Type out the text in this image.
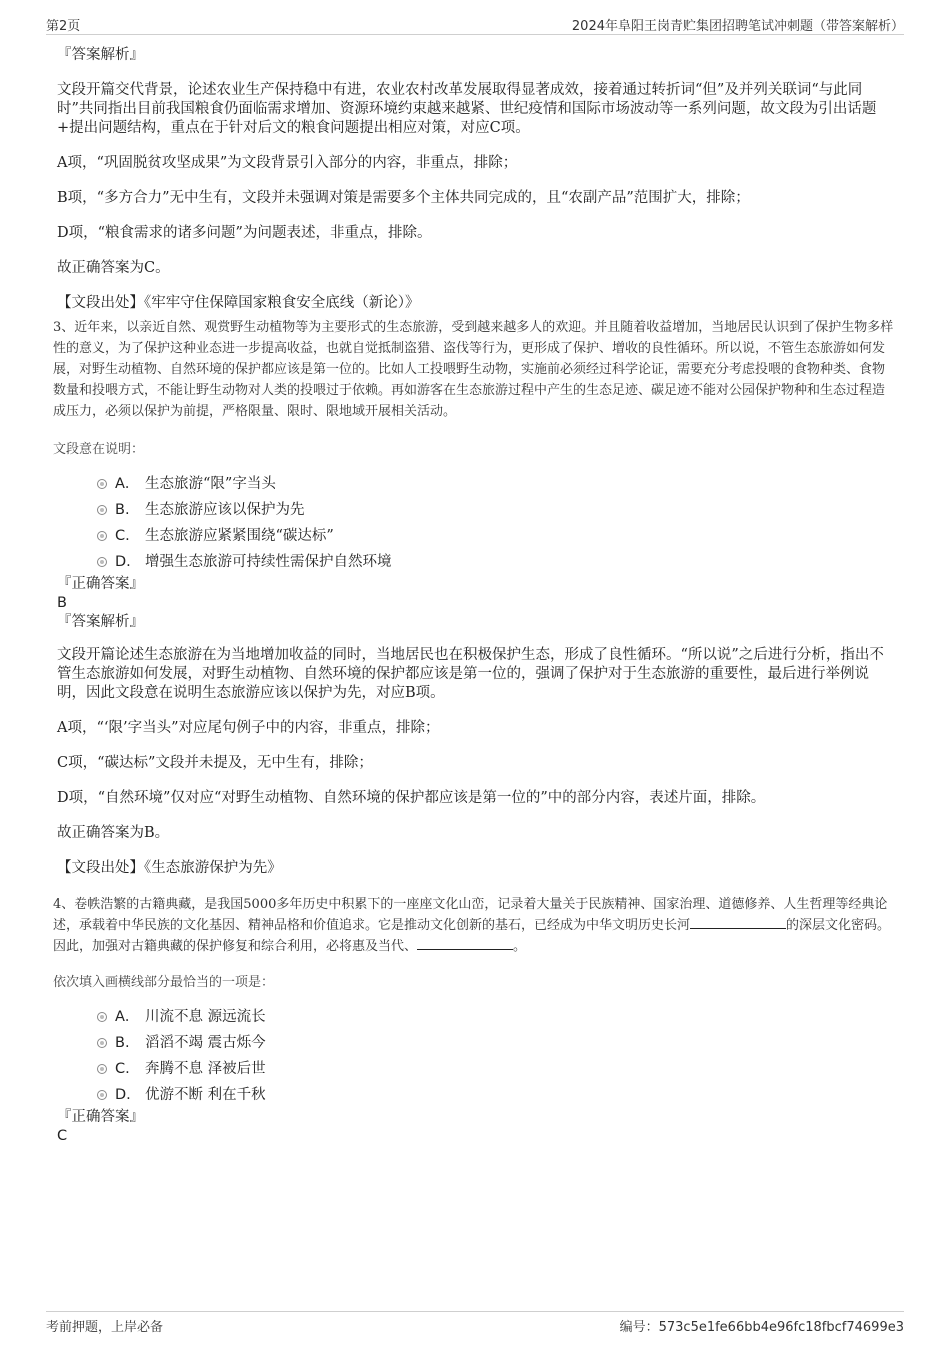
第2页	2024年阜阳王岗青贮集团招聘笔试冲刺题（带答案解析）

『答案解析』

文段开篇交代背景，论述农业生产保持稳中有进，农业农村改革发展取得显著成效，接着通过转折词“但”及并列关联词“与此同时”共同指出目前我国粮食仍面临需求增加、资源环境约束越来越紧、世纪疫情和国际市场波动等一系列问题，故文段为引出话题+提出问题结构，重点在于针对后文的粮食问题提出相应对策，对应C项。

A项，“巩固脱贫攻坚成果”为文段背景引入部分的内容，非重点，排除；

B项，“多方合力”无中生有，文段并未强调对策是需要多个主体共同完成的，且“农副产品”范围扩大，排除；

D项，“粮食需求的诸多问题”为问题表述，非重点，排除。

故正确答案为C。

【文段出处】《牢牢守住保障国家粮食安全底线（新论）》

3、近年来，以亲近自然、观赏野生动植物等为主要形式的生态旅游，受到越来越多人的欢迎。并且随着收益增加，当地居民认识到了保护生物多样性的意义，为了保护这种业态进一步提高收益，也就自觉抵制盗猎、盗伐等行为，更形成了保护、增收的良性循环。所以说，不管生态旅游如何发展，对野生动植物、自然环境的保护都应该是第一位的。比如人工投喂野生动物，实施前必须经过科学论证，需要充分考虑投喂的食物种类、食物数量和投喂方式，不能让野生动物对人类的投喂过于依赖。再如游客在生态旅游过程中产生的生态足迹、碳足迹不能对公园保护物种和生态过程造成压力，必须以保护为前提，严格限量、限时、限地域开展相关活动。

文段意在说明：

A． 生态旅游“限”字当头
B. 生态旅游应该以保护为先
C. 生态旅游应紧紧围绕“碳达标”
D. 增强生态旅游可持续性需保护自然环境

『正确答案』

B

『答案解析』

文段开篇论述生态旅游在为当地增加收益的同时，当地居民也在积极保护生态，形成了良性循环。“所以说”之后进行分析，指出不管生态旅游如何发展，对野生动植物、自然环境的保护都应该是第一位的，强调了保护对于生态旅游的重要性，最后进行举例说明，因此文段意在说明生态旅游应该以保护为先，对应B项。

A项，“‘限’字当头”对应尾句例子中的内容，非重点，排除；

C项，“碳达标”文段并未提及，无中生有，排除；

D项，“自然环境”仅对应“对野生动植物、自然环境的保护都应该是第一位的”中的部分内容，表述片面，排除。

故正确答案为B。

【文段出处】《生态旅游保护为先》

4、卷帙浩繁的古籍典藏，是我国5000多年历史中积累下的一座座文化山峦，记录着大量关于民族精神、国家治理、道德修养、人生哲理等经典论述，承载着中华民族的文化基因、精神品格和价值追求。它是推动文化创新的基石，已经成为中华文明历史长河	的深层文化密码。因此，加强对古籍典藏的保护修复和综合利用，必将惠及当代、	。

依次填入画横线部分最恰当的一项是：

A． 川流不息 源远流长
B. 滔滔不竭 震古烁今
C. 奔腾不息 泽被后世
D. 优游不断 利在千秋

『正确答案』

C

考前押题，上岸必备	编号：573c5e1fe66bb4e96fc18fbcf74699e3
